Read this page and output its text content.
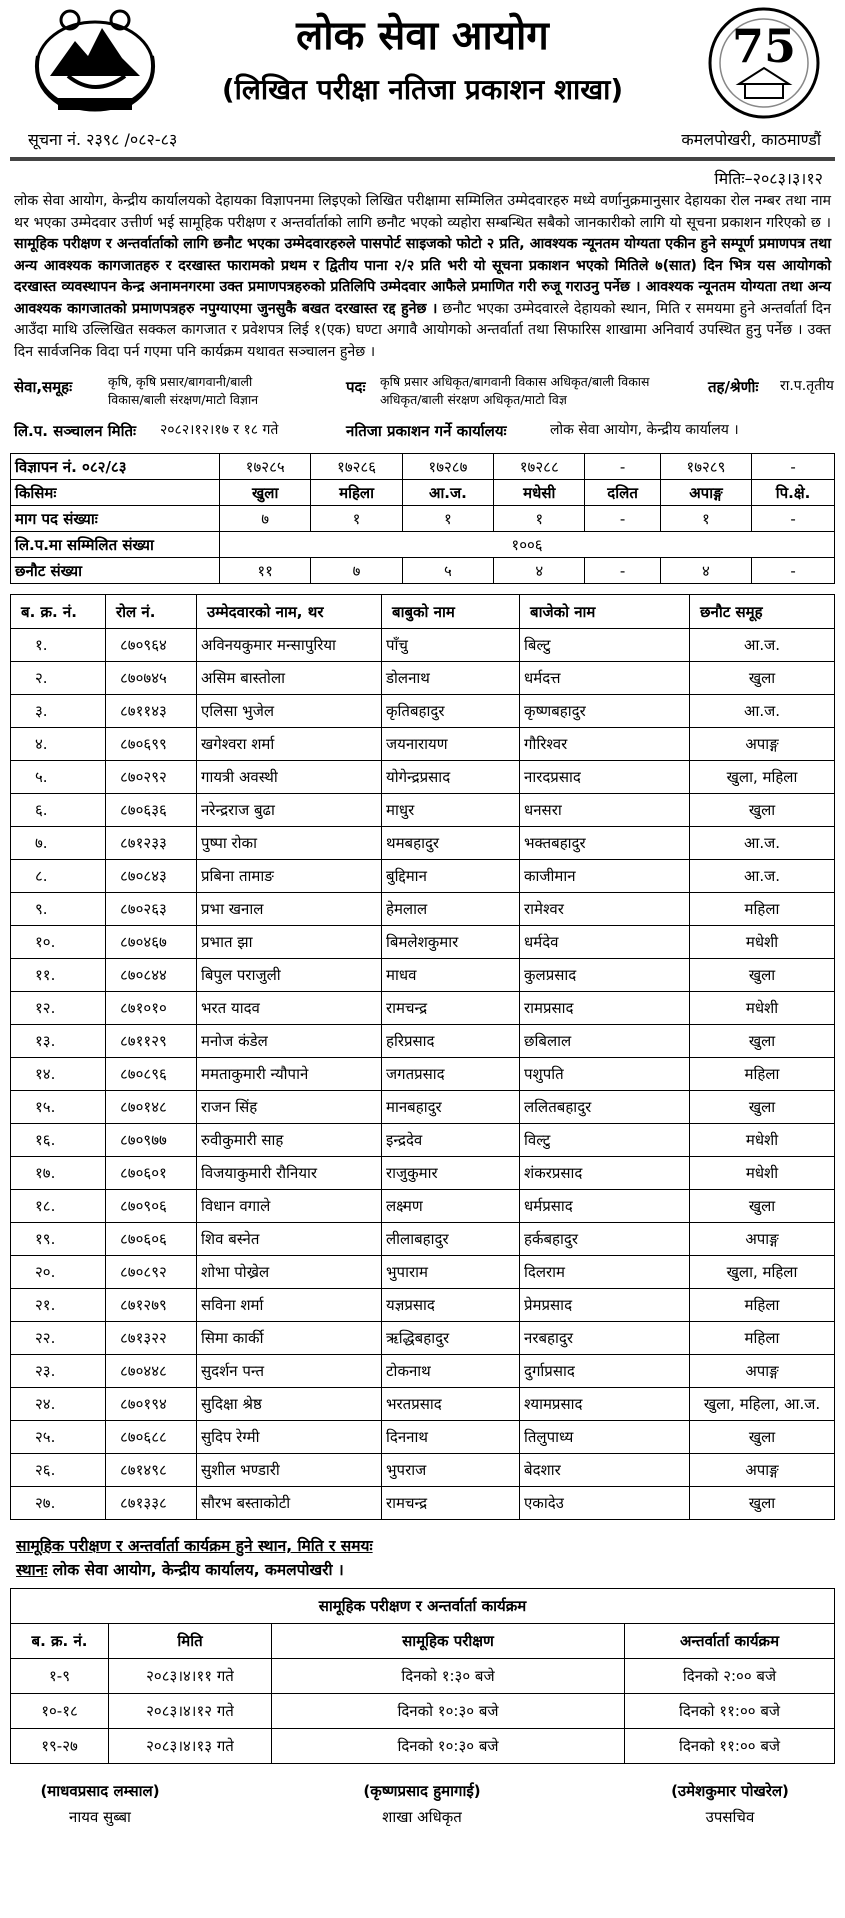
लोक सेवा आयोग
(लिखित परीक्षा नतिजा प्रकाशन शाखा)
75
सूचना नं. २३९८ /०८२-८३	कमलपोखरी, काठमाण्डौं
मितिः–२०८३।३।१२
लोक सेवा आयोग, केन्द्रीय कार्यालयको देहायका विज्ञापनमा लिइएको लिखित परीक्षामा सम्मिलित उम्मेदवारहरु मध्ये वर्णानुक्रमानुसार देहायका रोल नम्बर तथा नाम थर भएका उम्मेदवार उत्तीर्ण भई सामूहिक परीक्षण र अन्तर्वार्ताको लागि छनौट भएको व्यहोरा सम्बन्धित सबैको जानकारीको लागि यो सूचना प्रकाशन गरिएको छ । सामूहिक परीक्षण र अन्तर्वार्ताको लागि छनौट भएका उम्मेदवारहरुले पासपोर्ट साइजको फोटो २ प्रति, आवश्यक न्यूनतम योग्यता एकीन हुने सम्पूर्ण प्रमाणपत्र तथा अन्य आवश्यक कागजातहरु र दरखास्त फारामको प्रथम र द्वितीय पाना २/२ प्रति भरी यो सूचना प्रकाशन भएको मितिले ७(सात) दिन भित्र यस आयोगको दरखास्त व्यवस्थापन केन्द्र अनामनगरमा उक्त प्रमाणपत्रहरुको प्रतिलिपि उम्मेदवार आफैले प्रमाणित गरी रुजू गराउनु पर्नेछ । आवश्यक न्यूनतम योग्यता तथा अन्य आवश्यक कागजातको प्रमाणपत्रहरु नपुग्याएमा जुनसुकै बखत दरखास्त रद्द हुनेछ । छनौट भएका उम्मेदवारले देहायको स्थान, मिति र समयमा हुने अन्तर्वार्ता दिन आउँदा माथि उल्लिखित सक्कल कागजात र प्रवेशपत्र लिई १(एक) घण्टा अगावै आयोगको अन्तर्वार्ता तथा सिफारिस शाखामा अनिवार्य उपस्थित हुनु पर्नेछ । उक्त दिन सार्वजनिक विदा पर्न गएमा पनि कार्यक्रम यथावत सञ्चालन हुनेछ ।
सेवा,समूहः	कृषि, कृषि प्रसार/बागवानी/बाली
विकास/बाली संरक्षण/माटो विज्ञान
पदः कृषि प्रसार अधिकृत/बागवानी विकास अधिकृत/बाली विकास
अधिकृत/बाली संरक्षण अधिकृत/माटो विज्ञ
तह/श्रेणीः रा.प.तृतीय
लि.प. सञ्चालन मितिः २०८२।१२।१७ र १८ गते	नतिजा प्रकाशन गर्ने कार्यालयः	लोक सेवा आयोग, केन्द्रीय कार्यालय ।
विज्ञापन नं. ०८२/८३	१७२८५	१७२८६	१७२८७	१७२८८	-	१७२८९	-
किसिमः	खुला	महिला	आ.ज.	मधेसी	दलित	अपाङ्ग	पि.क्षे.
माग पद संख्याः	७	१	१	१	-	१	-
लि.प.मा सम्मिलित संख्या	१००६						
छनौट संख्या	११	७	५	४	-	४	-
ब. क्र. नं.	रोल नं.	उम्मेदवारको नाम, थर	बाबुको नाम	बाजेको नाम	छनौट समूह
१.	८७०९६४	अविनयकुमार मन्सापुरिया	पाँचु	बिल्टु	आ.ज.
२.	८७०७४५	असिम बास्तोला	डोलनाथ	धर्मदत्त	खुला
३.	८७११४३	एलिसा भुजेल	कृतिबहादुर	कृष्णबहादुर	आ.ज.
४.	८७०६९९	खगेश्वरा शर्मा	जयनारायण	गौरिश्वर	अपाङ्ग
५.	८७०२९२	गायत्री अवस्थी	योगेन्द्रप्रसाद	नारदप्रसाद	खुला, महिला
६.	८७०६३६	नरेन्द्रराज बुढा	माधुर	धनसरा	खुला
७.	८७१२३३	पुष्पा रोका	थमबहादुर	भक्तबहादुर	आ.ज.
८.	८७०८४३	प्रबिना तामाङ	बुद्दिमान	काजीमान	आ.ज.
९.	८७०२६३	प्रभा खनाल	हेमलाल	रामेश्वर	महिला
१०.	८७०४६७	प्रभात झा	बिमलेशकुमार	धर्मदेव	मधेशी
११.	८७०८४४	बिपुल पराजुली	माधव	कुलप्रसाद	खुला
१२.	८७१०१०	भरत यादव	रामचन्द्र	रामप्रसाद	मधेशी
१३.	८७११२९	मनोज कंडेल	हरिप्रसाद	छबिलाल	खुला
१४.	८७०८९६	ममताकुमारी न्यौपाने	जगतप्रसाद	पशुपति	महिला
१५.	८७०१४८	राजन सिंह	मानबहादुर	ललितबहादुर	खुला
१६.	८७०९७७	रुवीकुमारी साह	इन्द्रदेव	विल्टु	मधेशी
१७.	८७०६०१	विजयाकुमारी रौनियार	राजुकुमार	शंकरप्रसाद	मधेशी
१८.	८७०९०६	विधान वगाले	लक्ष्मण	धर्मप्रसाद	खुला
१९.	८७०६०६	शिव बस्नेत	लीलाबहादुर	हर्कबहादुर	अपाङ्ग
२०.	८७०८९२	शोभा पोख्रेल	भुपाराम	दिलराम	खुला, महिला
२१.	८७१२७९	सविना शर्मा	यज्ञप्रसाद	प्रेमप्रसाद	महिला
२२.	८७१३२२	सिमा कार्की	ऋद्धिबहादुर	नरबहादुर	महिला
२३.	८७०४४८	सुदर्शन पन्त	टोकनाथ	दुर्गाप्रसाद	अपाङ्ग
२४.	८७०१९४	सुदिक्षा श्रेष्ठ	भरतप्रसाद	श्यामप्रसाद	खुला, महिला, आ.ज.
२५.	८७०६८८	सुदिप रेग्मी	दिननाथ	तिलुपाध्य	खुला
२६.	८७१४९८	सुशील भण्डारी	भुपराज	बेदशार	अपाङ्ग
२७.	८७१३३८	सौरभ बस्ताकोटी	रामचन्द्र	एकादेउ	खुला
सामूहिक परीक्षण र अन्तर्वार्ता कार्यक्रम हुने स्थान, मिति र समयः
स्थानः लोक सेवा आयोग, केन्द्रीय कार्यालय, कमलपोखरी ।
सामूहिक परीक्षण र अन्तर्वार्ता कार्यक्रम			
ब. क्र. नं.	मिति	सामूहिक परीक्षण	अन्तर्वार्ता कार्यक्रम
१-९	२०८३।४।११ गते	दिनको १:३० बजे	दिनको २:०० बजे
१०-१८	२०८३।४।१२ गते	दिनको १०:३० बजे	दिनको ११:०० बजे
१९-२७	२०८३।४।१३ गते	दिनको १०:३० बजे	दिनको ११:०० बजे
(माधवप्रसाद लम्साल)
नायव सुब्बा
(कृष्णप्रसाद हुमागाई)
शाखा अधिकृत
(उमेशकुमार पोखरेल)
उपसचिव
